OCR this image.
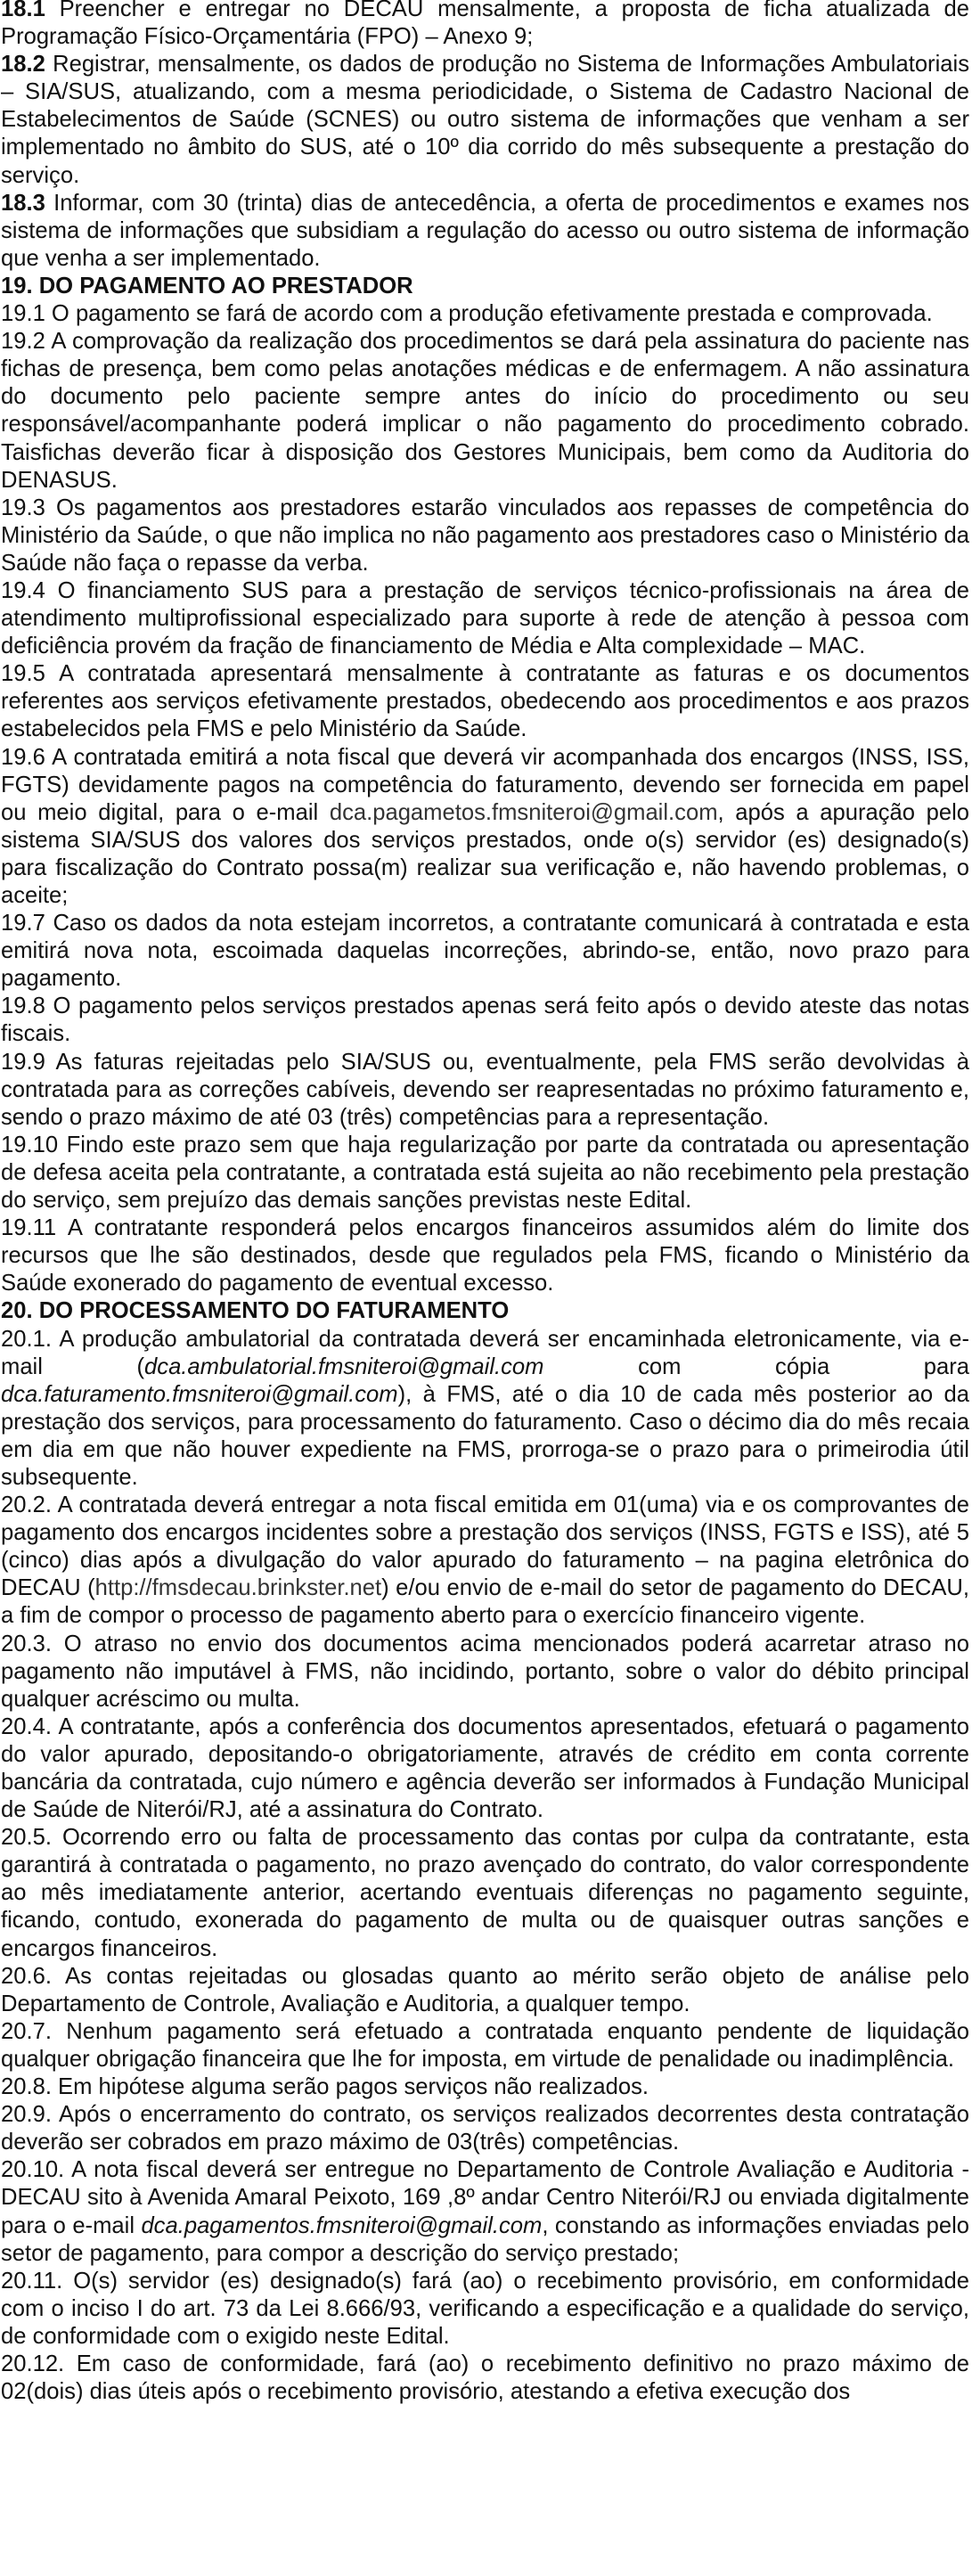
18.1 Preencher e entregar no DECAU mensalmente, a proposta de ficha atualizada de Programação Físico-Orçamentária (FPO) – Anexo 9;

18.2 Registrar, mensalmente, os dados de produção no Sistema de Informações Ambulatoriais – SIA/SUS, atualizando, com a mesma periodicidade, o Sistema de Cadastro Nacional de Estabelecimentos de Saúde (SCNES) ou outro sistema de informações que venham a ser implementado no âmbito do SUS, até o 10º dia corrido do mês subsequente a prestação do serviço.

18.3 Informar, com 30 (trinta) dias de antecedência, a oferta de procedimentos e exames nos sistema de informações que subsidiam a regulação do acesso ou outro sistema de informação que venha a ser implementado.

19. DO PAGAMENTO AO PRESTADOR

19.1 O pagamento se fará de acordo com a produção efetivamente prestada e comprovada.

19.2 A comprovação da realização dos procedimentos se dará pela assinatura do paciente nas fichas de presença, bem como pelas anotações médicas e de enfermagem. A não assinatura do documento pelo paciente sempre antes do início do procedimento ou seu responsável/acompanhante poderá implicar o não pagamento do procedimento cobrado. Taisfichas deverão ficar à disposição dos Gestores Municipais, bem como da Auditoria do DENASUS.

19.3 Os pagamentos aos prestadores estarão vinculados aos repasses de competência do Ministério da Saúde, o que não implica no não pagamento aos prestadores caso o Ministério da Saúde não faça o repasse da verba.

19.4 O financiamento SUS para a prestação de serviços técnico-profissionais na área de atendimento multiprofissional especializado para suporte à rede de atenção à pessoa com deficiência provém da fração de financiamento de Média e Alta complexidade – MAC.

19.5 A contratada apresentará mensalmente à contratante as faturas e os documentos referentes aos serviços efetivamente prestados, obedecendo aos procedimentos e aos prazos estabelecidos pela FMS e pelo Ministério da Saúde.

19.6 A contratada emitirá a nota fiscal que deverá vir acompanhada dos encargos (INSS, ISS, FGTS) devidamente pagos na competência do faturamento, devendo ser fornecida em papel ou meio digital, para o e-mail dca.pagametos.fmsniteroi@gmail.com, após a apuração pelo sistema SIA/SUS dos valores dos serviços prestados, onde o(s) servidor (es) designado(s) para fiscalização do Contrato possa(m) realizar sua verificação e, não havendo problemas, o aceite;

19.7 Caso os dados da nota estejam incorretos, a contratante comunicará à contratada e esta emitirá nova nota, escoimada daquelas incorreções, abrindo-se, então, novo prazo para pagamento.

19.8 O pagamento pelos serviços prestados apenas será feito após o devido ateste das notas fiscais.

19.9 As faturas rejeitadas pelo SIA/SUS ou, eventualmente, pela FMS serão devolvidas à contratada para as correções cabíveis, devendo ser reapresentadas no próximo faturamento e, sendo o prazo máximo de até 03 (três) competências para a representação.

19.10 Findo este prazo sem que haja regularização por parte da contratada ou apresentação de defesa aceita pela contratante, a contratada está sujeita ao não recebimento pela prestação do serviço, sem prejuízo das demais sanções previstas neste Edital.

19.11 A contratante responderá pelos encargos financeiros assumidos além do limite dos recursos que lhe são destinados, desde que regulados pela FMS, ficando o Ministério da Saúde exonerado do pagamento de eventual excesso.

20. DO PROCESSAMENTO DO FATURAMENTO

20.1. A produção ambulatorial da contratada deverá ser encaminhada eletronicamente, via e-mail (dca.ambulatorial.fmsniteroi@gmail.com com cópia para dca.faturamento.fmsniteroi@gmail.com), à FMS, até o dia 10 de cada mês posterior ao da prestação dos serviços, para processamento do faturamento. Caso o décimo dia do mês recaia em dia em que não houver expediente na FMS, prorroga-se o prazo para o primeirodia útil subsequente.

20.2. A contratada deverá entregar a nota fiscal emitida em 01(uma) via e os comprovantes de pagamento dos encargos incidentes sobre a prestação dos serviços (INSS, FGTS e ISS), até 5 (cinco) dias após a divulgação do valor apurado do faturamento – na pagina eletrônica do DECAU (http://fmsdecau.brinkster.net) e/ou envio de e-mail do setor de pagamento do DECAU, a fim de compor o processo de pagamento aberto para o exercício financeiro vigente.

20.3. O atraso no envio dos documentos acima mencionados poderá acarretar atraso no pagamento não imputável à FMS, não incidindo, portanto, sobre o valor do débito principal qualquer acréscimo ou multa.

20.4. A contratante, após a conferência dos documentos apresentados, efetuará o pagamento do valor apurado, depositando-o obrigatoriamente, através de crédito em conta corrente bancária da contratada, cujo número e agência deverão ser informados à Fundação Municipal de Saúde de Niterói/RJ, até a assinatura do Contrato.

20.5. Ocorrendo erro ou falta de processamento das contas por culpa da contratante, esta garantirá à contratada o pagamento, no prazo avençado do contrato, do valor correspondente ao mês imediatamente anterior, acertando eventuais diferenças no pagamento seguinte, ficando, contudo, exonerada do pagamento de multa ou de quaisquer outras sanções e encargos financeiros.

20.6. As contas rejeitadas ou glosadas quanto ao mérito serão objeto de análise pelo Departamento de Controle, Avaliação e Auditoria, a qualquer tempo.

20.7. Nenhum pagamento será efetuado a contratada enquanto pendente de liquidação qualquer obrigação financeira que lhe for imposta, em virtude de penalidade ou inadimplência.

20.8. Em hipótese alguma serão pagos serviços não realizados.

20.9. Após o encerramento do contrato, os serviços realizados decorrentes desta contratação deverão ser cobrados em prazo máximo de 03(três) competências.

20.10. A nota fiscal deverá ser entregue no Departamento de Controle Avaliação e Auditoria - DECAU sito à Avenida Amaral Peixoto, 169 ,8º andar Centro Niterói/RJ ou enviada digitalmente para o e-mail dca.pagamentos.fmsniteroi@gmail.com, constando as informações enviadas pelo setor de pagamento, para compor a descrição do serviço prestado;

20.11. O(s) servidor (es) designado(s) fará (ao) o recebimento provisório, em conformidade com o inciso I do art. 73 da Lei 8.666/93, verificando a especificação e a qualidade do serviço, de conformidade com o exigido neste Edital.

20.12. Em caso de conformidade, fará (ao) o recebimento definitivo no prazo máximo de 02(dois) dias úteis após o recebimento provisório, atestando a efetiva execução dos
